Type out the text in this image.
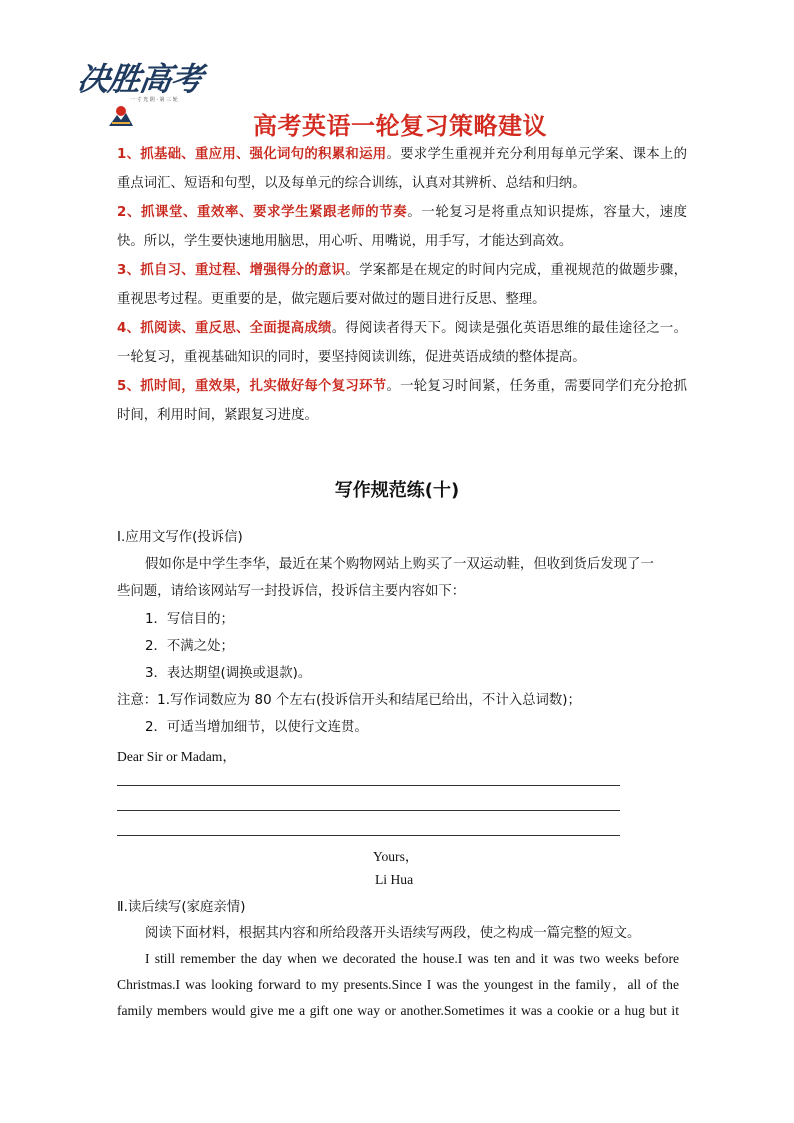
决胜高考
一 寸 光 阴 · 第 三 轮
高考英语一轮复习策略建议

1、抓基础、重应用、强化词句的积累和运用。要求学生重视并充分利用每单元学案、课本上的重点词汇、短语和句型，以及每单元的综合训练，认真对其辨析、总结和归纳。

2、抓课堂、重效率、要求学生紧跟老师的节奏。一轮复习是将重点知识提炼，容量大，速度快。所以，学生要快速地用脑思，用心听、用嘴说，用手写，才能达到高效。

3、抓自习、重过程、增强得分的意识。学案都是在规定的时间内完成，重视规范的做题步骤，重视思考过程。更重要的是，做完题后要对做过的题目进行反思、整理。

4、抓阅读、重反思、全面提高成绩。得阅读者得天下。阅读是强化英语思维的最佳途径之一。一轮复习，重视基础知识的同时，要坚持阅读训练，促进英语成绩的整体提高。

5、抓时间，重效果，扎实做好每个复习环节。一轮复习时间紧，任务重，需要同学们充分抢抓时间，利用时间，紧跟复习进度。

写作规范练(十)
Ⅰ.应用文写作(投诉信)
假如你是中学生李华，最近在某个购物网站上购买了一双运动鞋，但收到货后发现了一
些问题，请给该网站写一封投诉信，投诉信主要内容如下：
1．写信目的；
2．不满之处；
3．表达期望(调换或退款)。
注意：1.写作词数应为 80 个左右(投诉信开头和结尾已给出，不计入总词数)；
2．可适当增加细节，以使行文连贯。
Dear Sir or Madam，
Yours，
Li Hua
Ⅱ.读后续写(家庭亲情)
阅读下面材料，根据其内容和所给段落开头语续写两段，使之构成一篇完整的短文。
I still remember the day when we decorated the house.I was ten and it was two weeks before
Christmas.I was looking forward to my presents.Since I was the youngest in the family，all of the
family members would give me a gift one way or another.Sometimes it was a cookie or a hug but it
